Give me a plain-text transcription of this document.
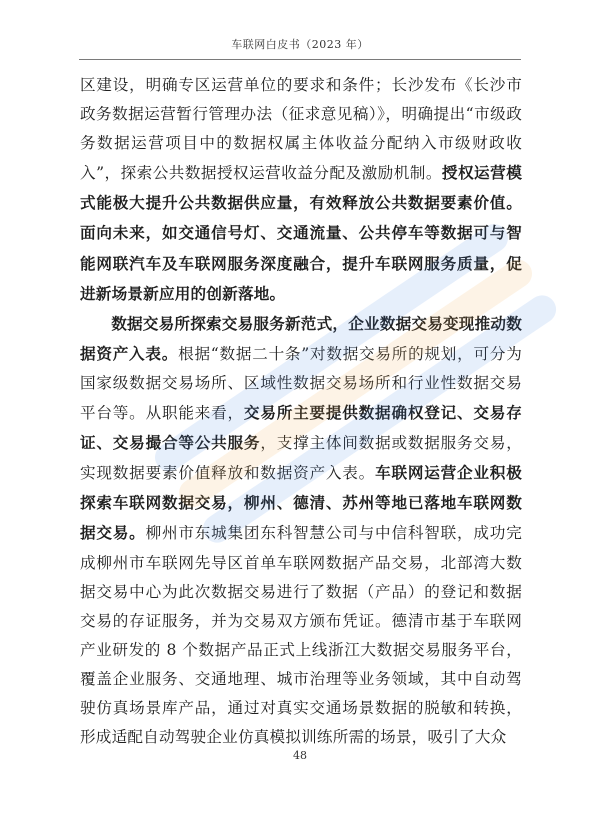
车联网白皮书（2023 年）

区建设，明确专区运营单位的要求和条件；长沙发布《长沙市政务数据运营暂行管理办法（征求意见稿）》，明确提出“市级政务数据运营项目中的数据权属主体收益分配纳入市级财政收入”，探索公共数据授权运营收益分配及激励机制。授权运营模式能极大提升公共数据供应量，有效释放公共数据要素价值。面向未来，如交通信号灯、交通流量、公共停车等数据可与智能网联汽车及车联网服务深度融合，提升车联网服务质量，促进新场景新应用的创新落地。

数据交易所探索交易服务新范式，企业数据交易变现推动数据资产入表。根据“数据二十条”对数据交易所的规划，可分为国家级数据交易场所、区域性数据交易场所和行业性数据交易平台等。从职能来看，交易所主要提供数据确权登记、交易存证、交易撮合等公共服务，支撑主体间数据或数据服务交易，实现数据要素价值释放和数据资产入表。车联网运营企业积极探索车联网数据交易，柳州、德清、苏州等地已落地车联网数据交易。柳州市东城集团东科智慧公司与中信科智联，成功完成柳州市车联网先导区首单车联网数据产品交易，北部湾大数据交易中心为此次数据交易进行了数据（产品）的登记和数据交易的存证服务，并为交易双方颁布凭证。德清市基于车联网产业研发的 8 个数据产品正式上线浙江大数据交易服务平台，覆盖企业服务、交通地理、城市治理等业务领域，其中自动驾驶仿真场景库产品，通过对真实交通场景数据的脱敏和转换，形成适配自动驾驶企业仿真模拟训练所需的场景，吸引了大众

48
